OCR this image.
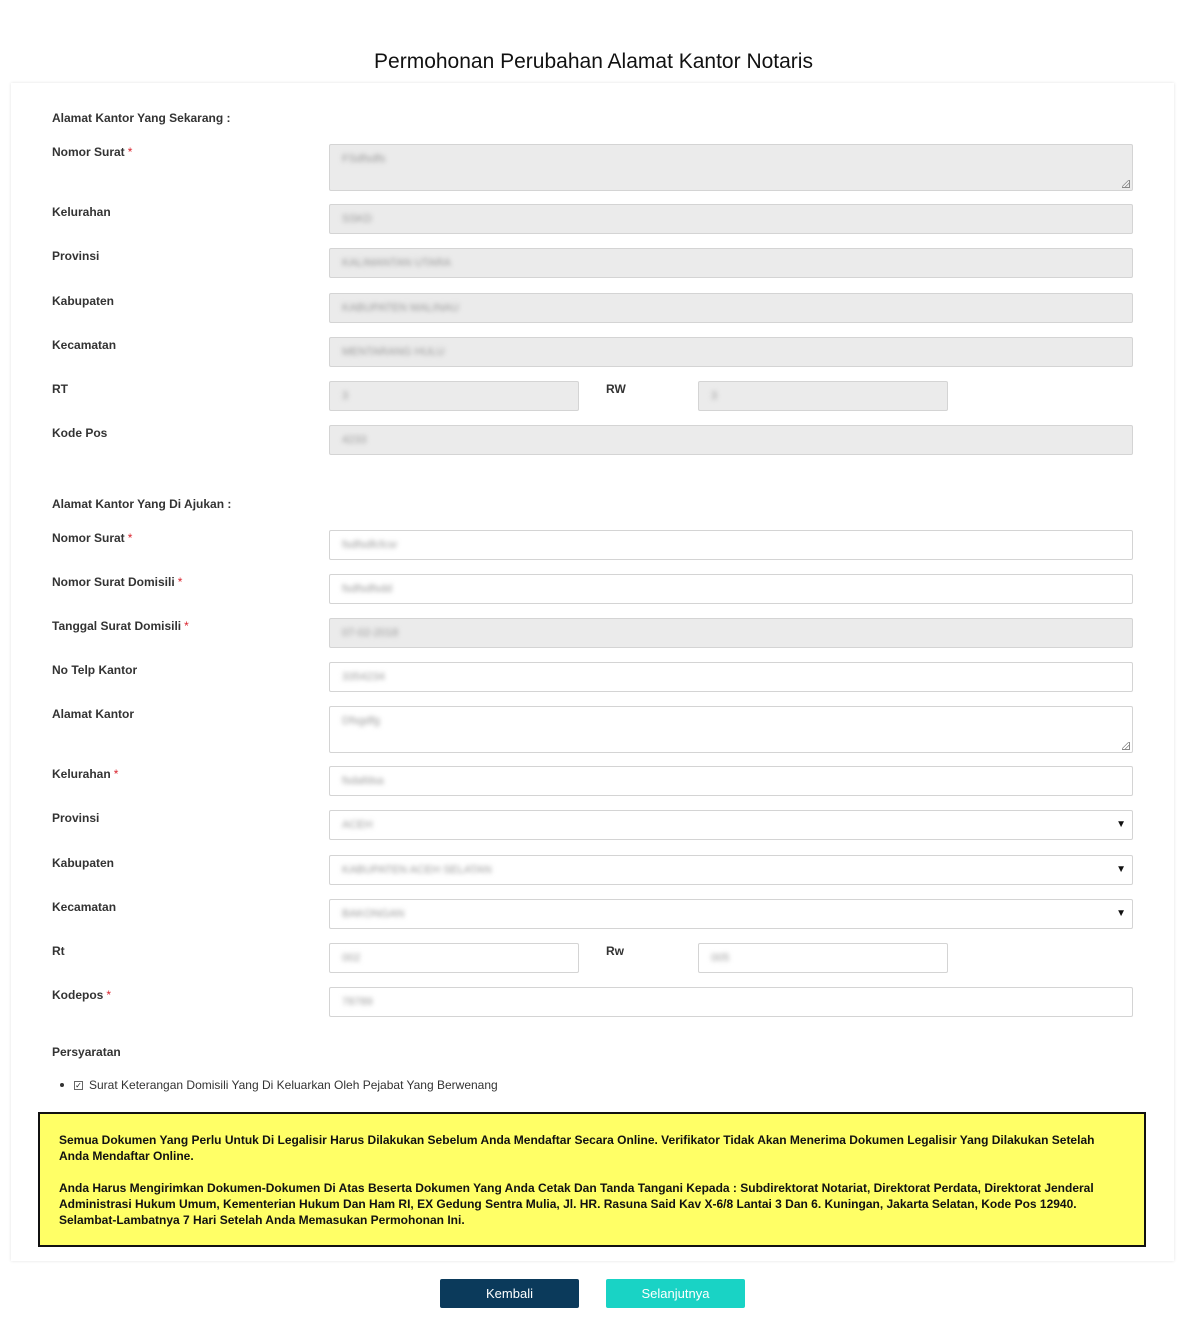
Permohonan Perubahan Alamat Kantor Notaris
Alamat Kantor Yang Sekarang :
Nomor Surat *	FSdfsdfs
Kelurahan	SSKD
Provinsi	KALIMANTAN UTARA
Kabupaten	KABUPATEN MALINAU
Kecamatan	MENTARANG HULU
RT	3	RW	3
Kode Pos	4233
Alamat Kantor Yang Di Ajukan :
Nomor Surat *	fsdfsdfcfcsr
Nomor Surat Domisili *	fsdfsdfsdd
Tanggal Surat Domisili *	07-02-2018
No Telp Kantor	3354234
Alamat Kantor	Dfsgdfg
Kelurahan *	fsdafdsa
Provinsi	ACEH	▼
Kabupaten	KABUPATEN ACEH SELATAN	▼
Kecamatan	BAKONGAN	▼
Rt	002	Rw	005
Kodepos *	78789
Persyaratan
✓ Surat Keterangan Domisili Yang Di Keluarkan Oleh Pejabat Yang Berwenang

Semua Dokumen Yang Perlu Untuk Di Legalisir Harus Dilakukan Sebelum Anda Mendaftar Secara Online. Verifikator Tidak Akan Menerima Dokumen Legalisir Yang Dilakukan Setelah Anda Mendaftar Online.

Anda Harus Mengirimkan Dokumen-Dokumen Di Atas Beserta Dokumen Yang Anda Cetak Dan Tanda Tangani Kepada : Subdirektorat Notariat, Direktorat Perdata, Direktorat Jenderal Administrasi Hukum Umum, Kementerian Hukum Dan Ham RI, EX Gedung Sentra Mulia, Jl. HR. Rasuna Said Kav X-6/8 Lantai 3 Dan 6. Kuningan, Jakarta Selatan, Kode Pos 12940. Selambat-Lambatnya 7 Hari Setelah Anda Memasukan Permohonan Ini.

Kembali	Selanjutnya
